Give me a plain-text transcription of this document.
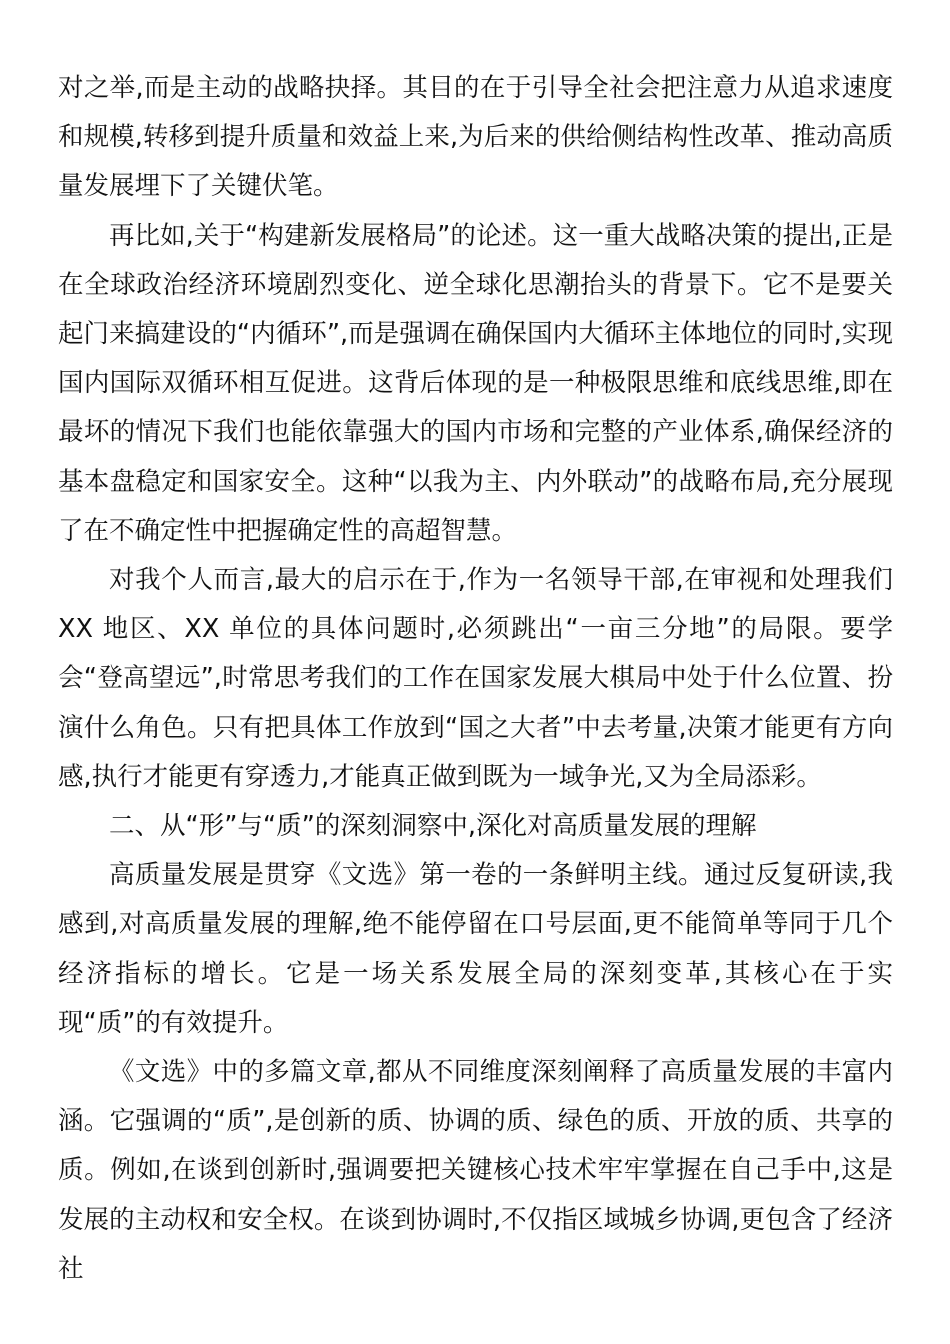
对之举,而是主动的战略抉择。其目的在于引导全社会把注意力从追求速度和规模,转移到提升质量和效益上来,为后来的供给侧结构性改革、推动高质量发展埋下了关键伏笔。

再比如,关于“构建新发展格局”的论述。这一重大战略决策的提出,正是在全球政治经济环境剧烈变化、逆全球化思潮抬头的背景下。它不是要关起门来搞建设的“内循环”,而是强调在确保国内大循环主体地位的同时,实现国内国际双循环相互促进。这背后体现的是一种极限思维和底线思维,即在最坏的情况下我们也能依靠强大的国内市场和完整的产业体系,确保经济的基本盘稳定和国家安全。这种“以我为主、内外联动”的战略布局,充分展现了在不确定性中把握确定性的高超智慧。

对我个人而言,最大的启示在于,作为一名领导干部,在审视和处理我们 XX 地区、XX 单位的具体问题时,必须跳出“一亩三分地”的局限。要学会“登高望远”,时常思考我们的工作在国家发展大棋局中处于什么位置、扮演什么角色。只有把具体工作放到“国之大者”中去考量,决策才能更有方向感,执行才能更有穿透力,才能真正做到既为一域争光,又为全局添彩。

二、从“形”与“质”的深刻洞察中,深化对高质量发展的理解

高质量发展是贯穿《文选》第一卷的一条鲜明主线。通过反复研读,我感到,对高质量发展的理解,绝不能停留在口号层面,更不能简单等同于几个经济指标的增长。它是一场关系发展全局的深刻变革,其核心在于实现“质”的有效提升。

《文选》中的多篇文章,都从不同维度深刻阐释了高质量发展的丰富内涵。它强调的“质”,是创新的质、协调的质、绿色的质、开放的质、共享的质。例如,在谈到创新时,强调要把关键核心技术牢牢掌握在自己手中,这是发展的主动权和安全权。在谈到协调时,不仅指区域城乡协调,更包含了经济社
